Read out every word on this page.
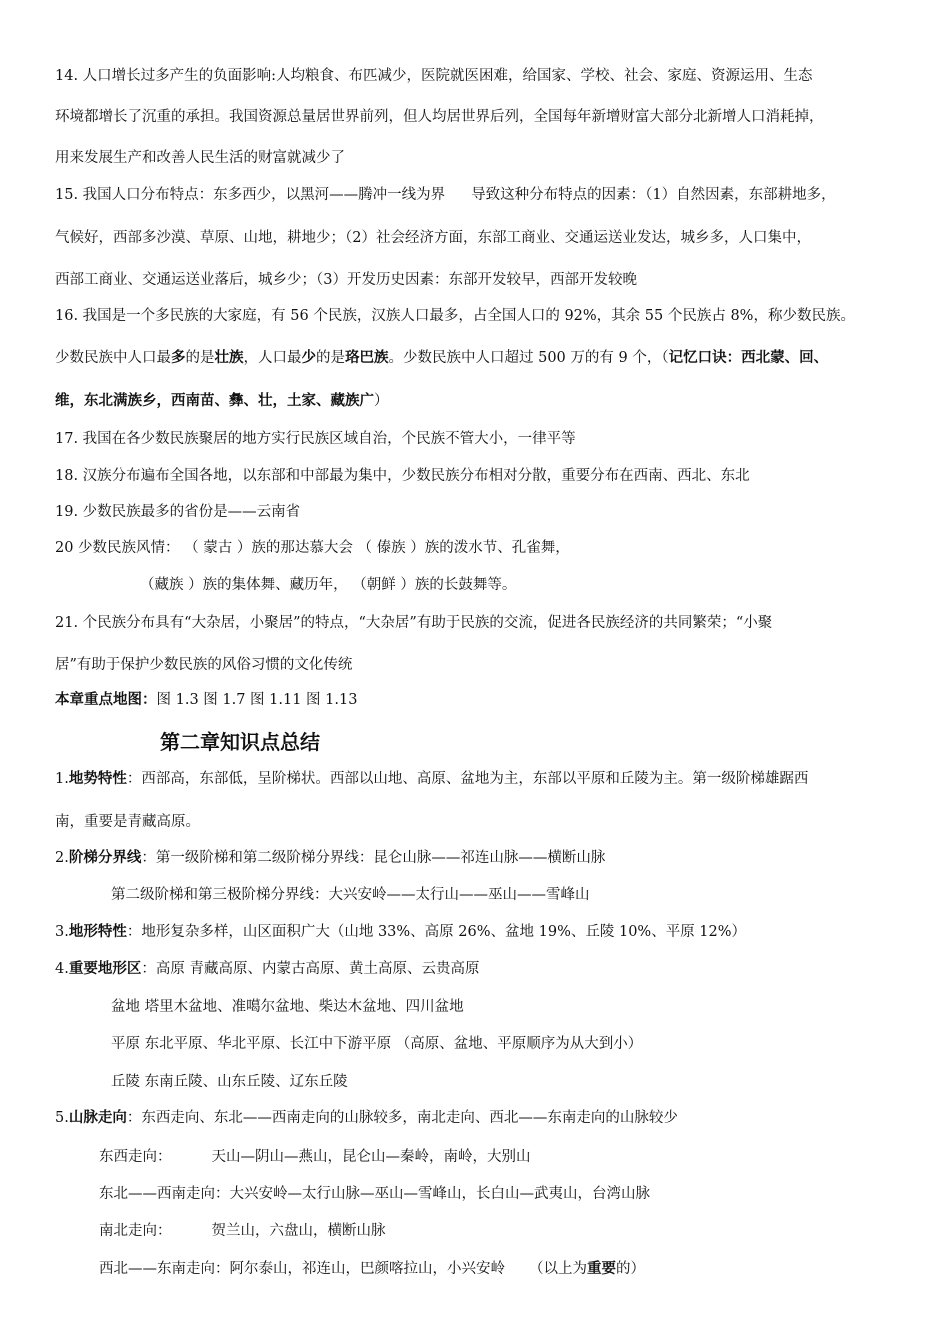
14. 人口增长过多产生的负面影响:人均粮食、布匹减少，医院就医困难，给国家、学校、社会、家庭、资源运用、生态
环境都增长了沉重的承担。我国资源总量居世界前列，但人均居世界后列，全国每年新增财富大部分北新增人口消耗掉，
用来发展生产和改善人民生活的财富就减少了
15. 我国人口分布特点：东多西少，以黑河——腾冲一线为界 导致这种分布特点的因素：（1）自然因素，东部耕地多，
气候好，西部多沙漠、草原、山地，耕地少；（2）社会经济方面，东部工商业、交通运送业发达，城乡多，人口集中，
西部工商业、交通运送业落后，城乡少；（3）开发历史因素：东部开发较早，西部开发较晚
16. 我国是一个多民族的大家庭，有 56 个民族，汉族人口最多，占全国人口的 92%，其余 55 个民族占 8%，称少数民族。
少数民族中人口最多的是壮族，人口最少的是珞巴族。少数民族中人口超过 500 万的有 9 个，（记忆口诀：西北蒙、回、
维，东北满族乡，西南苗、彝、壮，土家、藏族广）
17. 我国在各少数民族聚居的地方实行民族区域自治，个民族不管大小，一律平等
18. 汉族分布遍布全国各地，以东部和中部最为集中，少数民族分布相对分散，重要分布在西南、西北、东北
19. 少数民族最多的省份是——云南省
20 少数民族风情： （ 蒙古 ）族的那达慕大会 （ 傣族 ）族的泼水节、孔雀舞，
（藏族 ）族的集体舞、藏历年， （朝鲜 ）族的长鼓舞等。
21. 个民族分布具有“大杂居，小聚居”的特点，“大杂居”有助于民族的交流，促进各民族经济的共同繁荣；“小聚
居”有助于保护少数民族的风俗习惯的文化传统
本章重点地图：图 1.3 图 1.7 图 1.11 图 1.13
第二章知识点总结
1.地势特性：西部高，东部低，呈阶梯状。西部以山地、高原、盆地为主，东部以平原和丘陵为主。第一级阶梯雄踞西
南，重要是青藏高原。
2.阶梯分界线：第一级阶梯和第二级阶梯分界线：昆仑山脉——祁连山脉——横断山脉
第二级阶梯和第三极阶梯分界线：大兴安岭——太行山——巫山——雪峰山
3.地形特性：地形复杂多样，山区面积广大（山地 33%、高原 26%、盆地 19%、丘陵 10%、平原 12%）
4.重要地形区：高原 青藏高原、内蒙古高原、黄土高原、云贵高原
盆地 塔里木盆地、准噶尔盆地、柴达木盆地、四川盆地
平原 东北平原、华北平原、长江中下游平原 （高原、盆地、平原顺序为从大到小）
丘陵 东南丘陵、山东丘陵、辽东丘陵
5.山脉走向：东西走向、东北——西南走向的山脉较多，南北走向、西北——东南走向的山脉较少
东西走向：	天山—阴山—燕山，昆仑山—秦岭，南岭，大别山
东北——西南走向：大兴安岭—太行山脉—巫山—雪峰山，长白山—武夷山，台湾山脉
南北走向：	贺兰山，六盘山，横断山脉
西北——东南走向：阿尔泰山，祁连山，巴颜喀拉山，小兴安岭 （以上为重要的）
